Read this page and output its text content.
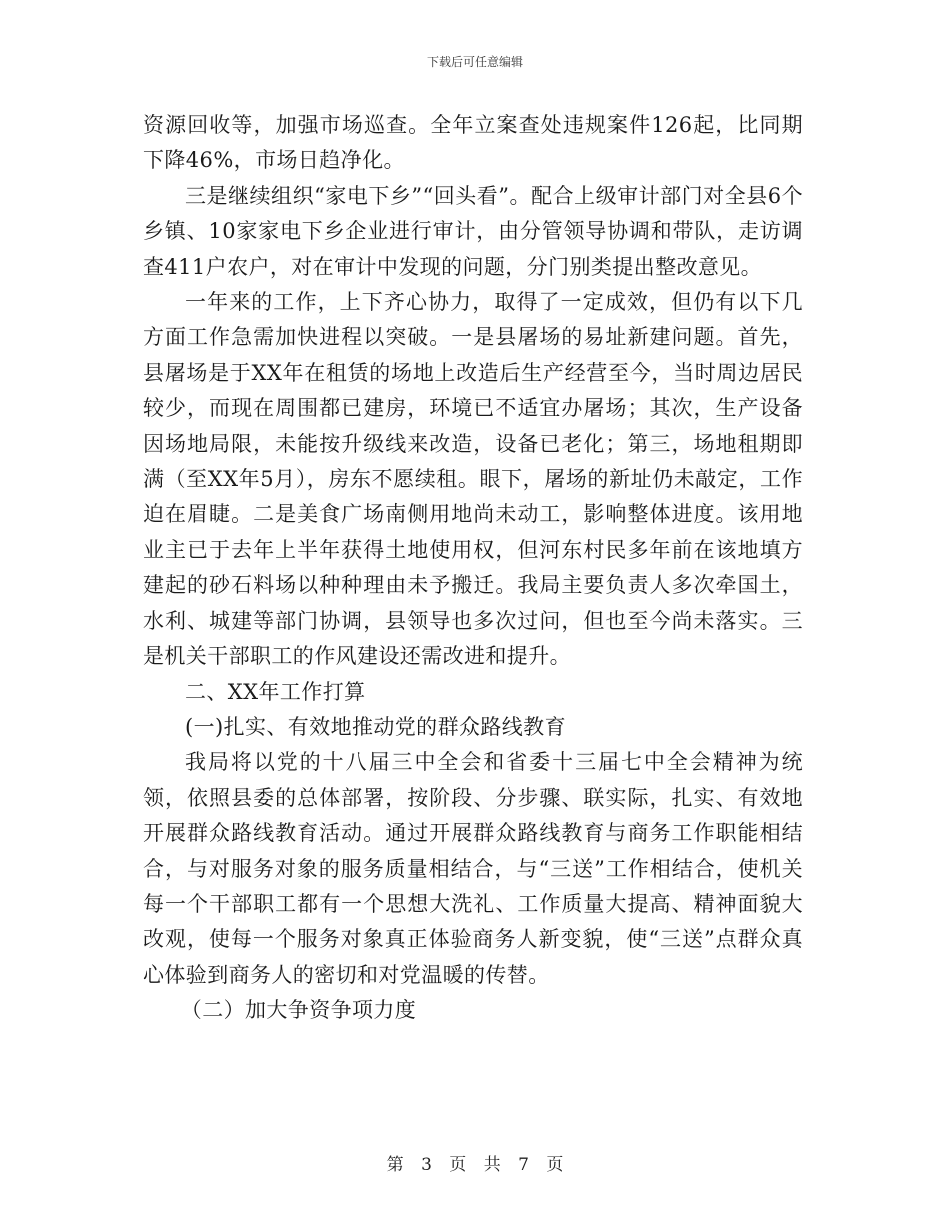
下载后可任意编辑

资源回收等，加强市场巡查。全年立案查处违规案件126起，比同期下降46%，市场日趋净化。

三是继续组织“家电下乡”“回头看”。配合上级审计部门对全县6个乡镇、10家家电下乡企业进行审计，由分管领导协调和带队，走访调查411户农户，对在审计中发现的问题，分门别类提出整改意见。

一年来的工作，上下齐心协力，取得了一定成效，但仍有以下几方面工作急需加快进程以突破。一是县屠场的易址新建问题。首先，县屠场是于XX年在租赁的场地上改造后生产经营至今，当时周边居民较少，而现在周围都已建房，环境已不适宜办屠场；其次，生产设备因场地局限，未能按升级线来改造，设备已老化；第三，场地租期即满（至XX年5月），房东不愿续租。眼下，屠场的新址仍未敲定，工作迫在眉睫。二是美食广场南侧用地尚未动工，影响整体进度。该用地业主已于去年上半年获得土地使用权，但河东村民多年前在该地填方建起的砂石料场以种种理由未予搬迁。我局主要负责人多次牵国土，水利、城建等部门协调，县领导也多次过问，但也至今尚未落实。三是机关干部职工的作风建设还需改进和提升。

二、XX年工作打算

(一)扎实、有效地推动党的群众路线教育

我局将以党的十八届三中全会和省委十三届七中全会精神为统领，依照县委的总体部署，按阶段、分步骤、联实际，扎实、有效地开展群众路线教育活动。通过开展群众路线教育与商务工作职能相结合，与对服务对象的服务质量相结合，与“三送”工作相结合，使机关每一个干部职工都有一个思想大洗礼、工作质量大提高、精神面貌大改观，使每一个服务对象真正体验商务人新变貌，使“三送”点群众真心体验到商务人的密切和对党温暖的传替。

（二）加大争资争项力度

第 3 页 共 7 页
